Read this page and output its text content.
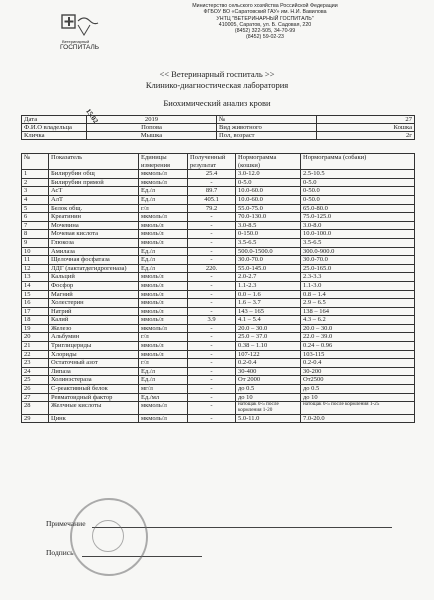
Ветеринарный
ГОСПИТАЛЬ
Министерство сельского хозяйства Российской Федерации
ФГБОУ ВО «Саратовский ГАУ» им. Н.И. Вавилова
УНТЦ "ВЕТЕРИНАРНЫЙ ГОСПИТАЛЬ"
410005, Саратов, ул. Б. Садовая, 220
(8452) 322-505, 34-70-99
(8452) 59-02-23
<< Ветеринарный госпиталь >>
Клинико-диагностическая лаборатория
Биохимический анализ крови
Дата	2019	№	27
Ф.И.О владельца	Попова	Вид животного	Кошка
Кличка	Мышка	Пол, возраст	2г
15.02
№	Показатель	Единицы измерения	Полученный результат	Нормограмма (кошки)	Нормограмма (собаки)
1	Билирубин общ	мкмоль/л	25.4	3.0-12.0	2.5-10.5
2	Билирубин прямой	мкмоль/л	-	0-5.0	0-5.0
3	АсТ	Ед./л	89.7	10.0-60.0	0-50.0
4	АлТ	Ед./л	405.1	10.0-60.0	0-50.0
5	Белок общ.	г/л	79.2	55.0-75.0	65.0-80.0
6	Креатинин	мкмоль/л	-	70.0-130.0	75.0-125.0
7	Мочевина	ммоль/л	-	3.0-8.5	3.0-8.0
8	Мочевая кислота	ммоль/л	-	0-150.0	10.0-100.0
9	Глюкоза	ммоль/л	-	3.5-6.5	3.5-6.5
10	Амилаза	Ед./л	-	500.0-1500.0	300.0-900.0
11	Щелочная фосфатаза	Ед./л	-	30.0-70.0	30.0-70.0
12	ЛДГ (лактатдегидрогеназа)	Ед./л	220.	55.0-145.0	25.0-165.0
13	Кальций	ммоль/л	-	2.0-2.7	2.3-3.3
14	Фосфор	ммоль/л	-	1.1-2.3	1.1-3.0
15	Магний	ммоль/л	-	0.0 – 1.6	0.8 – 1.4
16	Холестерин	ммоль/л	-	1.6 – 3.7	2.9 – 6.5
17	Натрий	ммоль/л	-	143 – 165	138 – 164
18	Калий	ммоль/л	3.9	4.1 – 5.4	4.3 – 6.2
19	Железо	мкмоль/л	-	20.0 – 30.0	20.0 – 30.0
20	Альбумин	г/л	-	25.0 – 37.0	22.0 – 39.0
21	Триглицериды	ммоль/л	-	0.38 – 1.10	0.24 – 0.96
22	Хлориды	ммоль/л	-	107-122	103-115
23	Остаточный азот	г/л	-	0.2-0.4	0.2-0.4
24	Липаза	Ед./л	-	30-400	30-200
25	Холинэстераза	Ед./л	-	От 2000	От2500
26	С-реактивный белок	мг/л	-	до 0.5	до 0.5
27	Ревматоидный фактор	Ед./мл	-	до 10	до 10
28	Желчные кислоты	мкмоль/л	-	натощак 0-5 после кормления 1-20	натощак 0-5 после кормления 1-25
29	Цинк	мкмоль/л	-	5.0-11.0	7.0-20.0
Примечание
Подпись
